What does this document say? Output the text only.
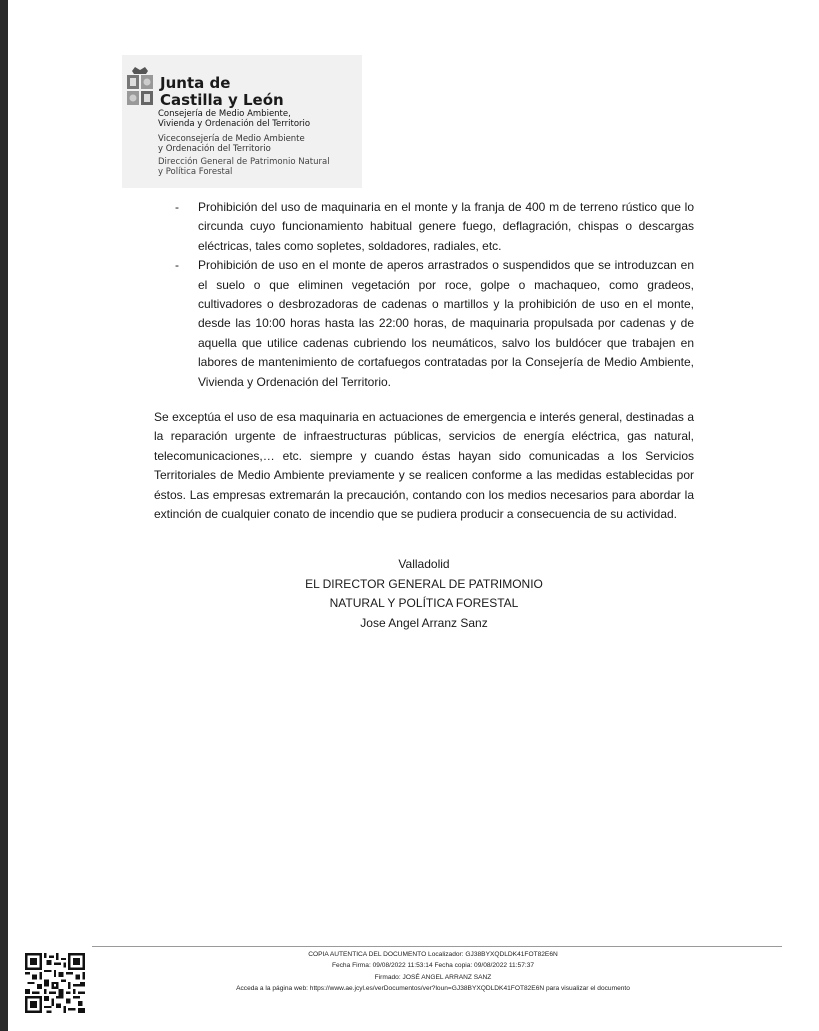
Junta de
Castilla y León
Consejería de Medio Ambiente,
Vivienda y Ordenación del Territorio
Viceconsejería de Medio Ambiente
y Ordenación del Territorio
Dirección General de Patrimonio Natural
y Política Forestal
- Prohibición del uso de maquinaria en el monte y la franja de 400 m de terreno rústico que lo circunda cuyo funcionamiento habitual genere fuego, deflagración, chispas o descargas eléctricas, tales como sopletes, soldadores, radiales, etc.
- Prohibición de uso en el monte de aperos arrastrados o suspendidos que se introduzcan en el suelo o que eliminen vegetación por roce, golpe o machaqueo, como gradeos, cultivadores o desbrozadoras de cadenas o martillos y la prohibición de uso en el monte, desde las 10:00 horas hasta las 22:00 horas, de maquinaria propulsada por cadenas y de aquella que utilice cadenas cubriendo los neumáticos, salvo los buldócer que trabajen en labores de mantenimiento de cortafuegos contratadas por la Consejería de Medio Ambiente, Vivienda y Ordenación del Territorio.

Se exceptúa el uso de esa maquinaria en actuaciones de emergencia e interés general, destinadas a la reparación urgente de infraestructuras públicas, servicios de energía eléctrica, gas natural, telecomunicaciones,… etc. siempre y cuando éstas hayan sido comunicadas a los Servicios Territoriales de Medio Ambiente previamente y se realicen conforme a las medidas establecidas por éstos. Las empresas extremarán la precaución, contando con los medios necesarios para abordar la extinción de cualquier conato de incendio que se pudiera producir a consecuencia de su actividad.

Valladolid
EL DIRECTOR GENERAL DE PATRIMONIO
NATURAL Y POLÍTICA FORESTAL
Jose Angel Arranz Sanz
COPIA AUTENTICA DEL DOCUMENTO Localizador: GJ38BYXQDLDK41FOT82E6N
Fecha Firma: 09/08/2022 11:53:14 Fecha copia: 09/08/2022 11:57:37
Firmado: JOSÉ ANGEL ARRANZ SANZ
Acceda a la página web: https://www.ae.jcyl.es/verDocumentos/ver?loun=GJ38BYXQDLDK41FOT82E6N para visualizar el documento
